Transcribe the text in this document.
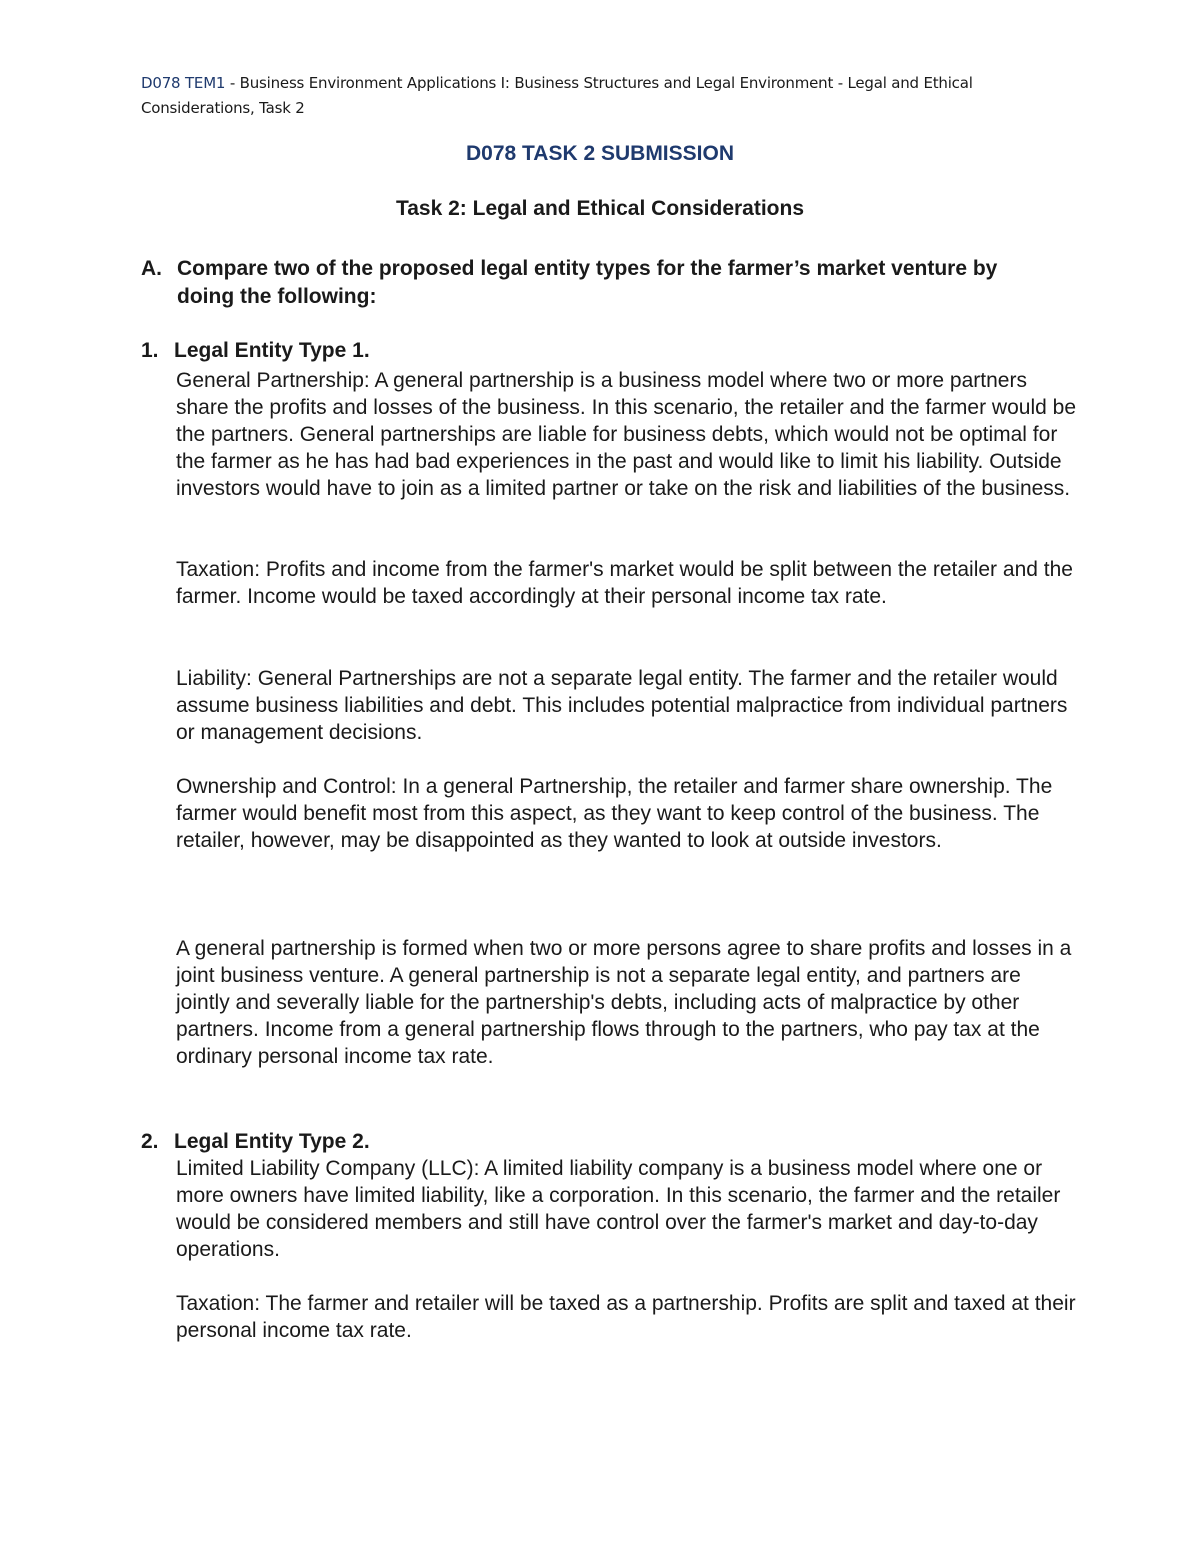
D078 TEM1 - Business Environment Applications I: Business Structures and Legal Environment - Legal and Ethical
Considerations, Task 2
D078 TASK 2 SUBMISSION
Task 2: Legal and Ethical Considerations
A. Compare two of the proposed legal entity types for the farmer’s market venture by doing the following:
1. Legal Entity Type 1.
General Partnership: A general partnership is a business model where two or more partners share the profits and losses of the business. In this scenario, the retailer and the farmer would be the partners. General partnerships are liable for business debts, which would not be optimal for the farmer as he has had bad experiences in the past and would like to limit his liability. Outside investors would have to join as a limited partner or take on the risk and liabilities of the business.
Taxation: Profits and income from the farmer's market would be split between the retailer and the farmer. Income would be taxed accordingly at their personal income tax rate.
Liability: General Partnerships are not a separate legal entity. The farmer and the retailer would assume business liabilities and debt. This includes potential malpractice from individual partners or management decisions.
Ownership and Control: In a general Partnership, the retailer and farmer share ownership. The farmer would benefit most from this aspect, as they want to keep control of the business. The retailer, however, may be disappointed as they wanted to look at outside investors.
A general partnership is formed when two or more persons agree to share profits and losses in a joint business venture. A general partnership is not a separate legal entity, and partners are jointly and severally liable for the partnership's debts, including acts of malpractice by other partners. Income from a general partnership flows through to the partners, who pay tax at the ordinary personal income tax rate.
2. Legal Entity Type 2.
Limited Liability Company (LLC): A limited liability company is a business model where one or more owners have limited liability, like a corporation. In this scenario, the farmer and the retailer would be considered members and still have control over the farmer's market and day-to-day operations.
Taxation: The farmer and retailer will be taxed as a partnership. Profits are split and taxed at their personal income tax rate.
